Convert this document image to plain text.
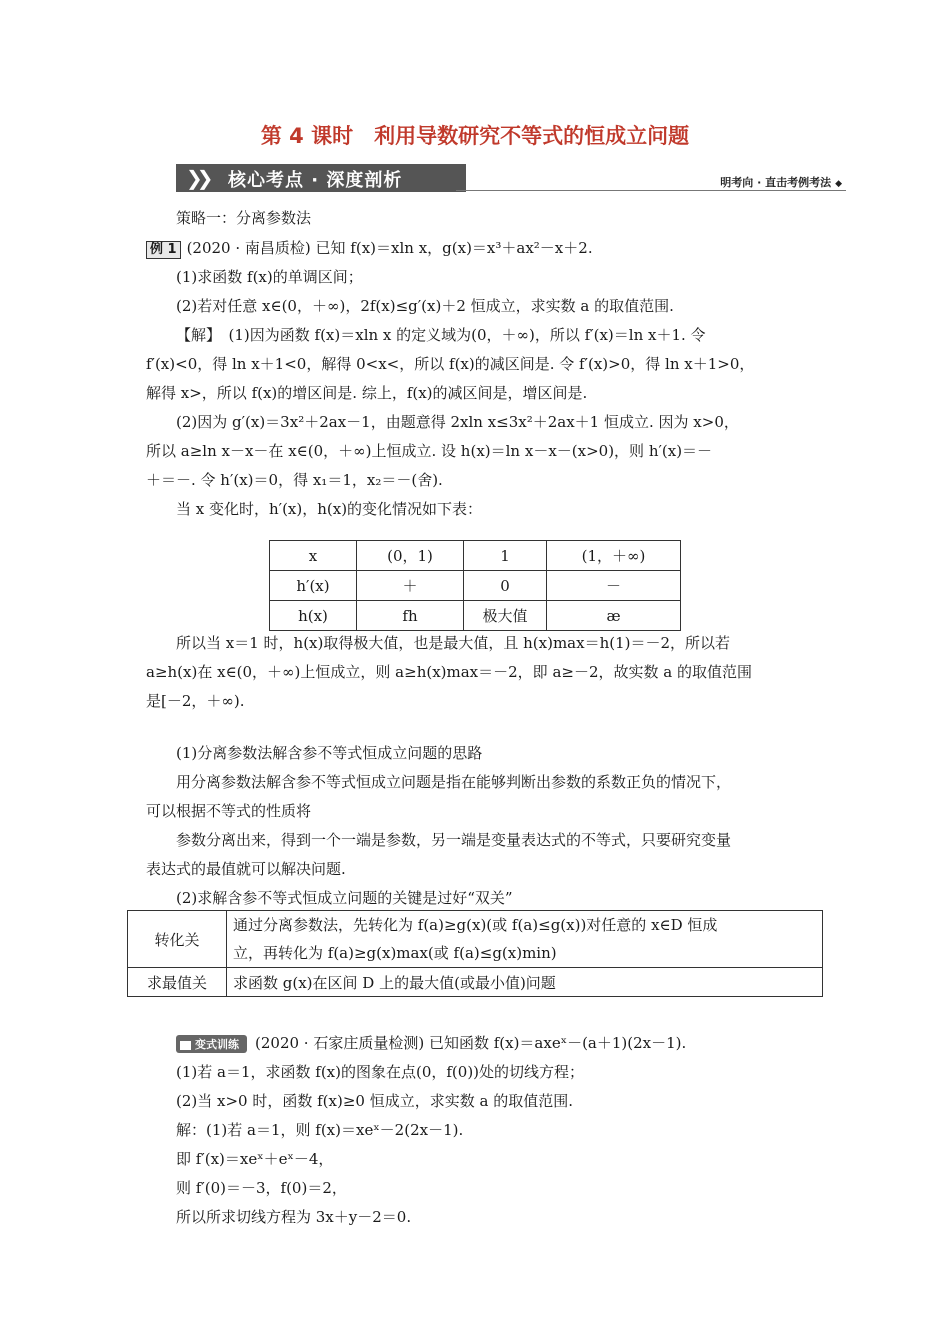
第 4 课时　利用导数研究不等式的恒成立问题
❯❯ 核心考点 · 深度剖析	明考向 · 直击考例考法 ◆
策略一：分离参数法
例 1 (2020 · 南昌质检) 已知 f(x)＝xln x，g(x)＝x³＋ax²－x＋2.
(1)求函数 f(x)的单调区间；
(2)若对任意 x∈(0，＋∞)，2f(x)≤g′(x)＋2 恒成立，求实数 a 的取值范围.
【解】　(1)因为函数 f(x)＝xln x 的定义域为(0，＋∞)，所以 f′(x)＝ln x＋1. 令
f′(x)<0，得 ln x＋1<0，解得 0<x<，所以 f(x)的减区间是. 令 f′(x)>0，得 ln x＋1>0，
解得 x>，所以 f(x)的增区间是. 综上，f(x)的减区间是，增区间是.
(2)因为 g′(x)＝3x²＋2ax－1，由题意得 2xln x≤3x²＋2ax＋1 恒成立. 因为 x>0，
所以 a≥ln x－x－在 x∈(0，＋∞)上恒成立. 设 h(x)＝ln x－x－(x>0)，则 h′(x)＝－
＋＝－. 令 h′(x)＝0，得 x₁＝1，x₂＝－(舍).
当 x 变化时，h′(x)，h(x)的变化情况如下表：
x	(0，1)	1	(1，＋∞)
h′(x)	＋	0	－
h(x)	fh	极大值	æ
所以当 x＝1 时，h(x)取得极大值，也是最大值，且 h(x)max＝h(1)＝－2，所以若
a≥h(x)在 x∈(0，＋∞)上恒成立，则 a≥h(x)max＝－2，即 a≥－2，故实数 a 的取值范围
是[－2，＋∞).
(1)分离参数法解含参不等式恒成立问题的思路
用分离参数法解含参不等式恒成立问题是指在能够判断出参数的系数正负的情况下，
可以根据不等式的性质将
参数分离出来，得到一个一端是参数，另一端是变量表达式的不等式，只要研究变量
表达式的最值就可以解决问题.
(2)求解含参不等式恒成立问题的关键是过好“双关”
转化关	通过分离参数法，先转化为 f(a)≥g(x)(或 f(a)≤g(x))对任意的 x∈D 恒成
立，再转化为 f(a)≥g(x)max(或 f(a)≤g(x)min)

求最值关	求函数 g(x)在区间 D 上的最大值(或最小值)问题
变式训练 (2020 · 石家庄质量检测) 已知函数 f(x)＝axeˣ－(a＋1)(2x－1).
(1)若 a＝1，求函数 f(x)的图象在点(0，f(0))处的切线方程；
(2)当 x>0 时，函数 f(x)≥0 恒成立，求实数 a 的取值范围.
解：(1)若 a＝1，则 f(x)＝xeˣ－2(2x－1).
即 f′(x)＝xeˣ＋eˣ－4，
则 f′(0)＝－3，f(0)＝2，
所以所求切线方程为 3x＋y－2＝0.
